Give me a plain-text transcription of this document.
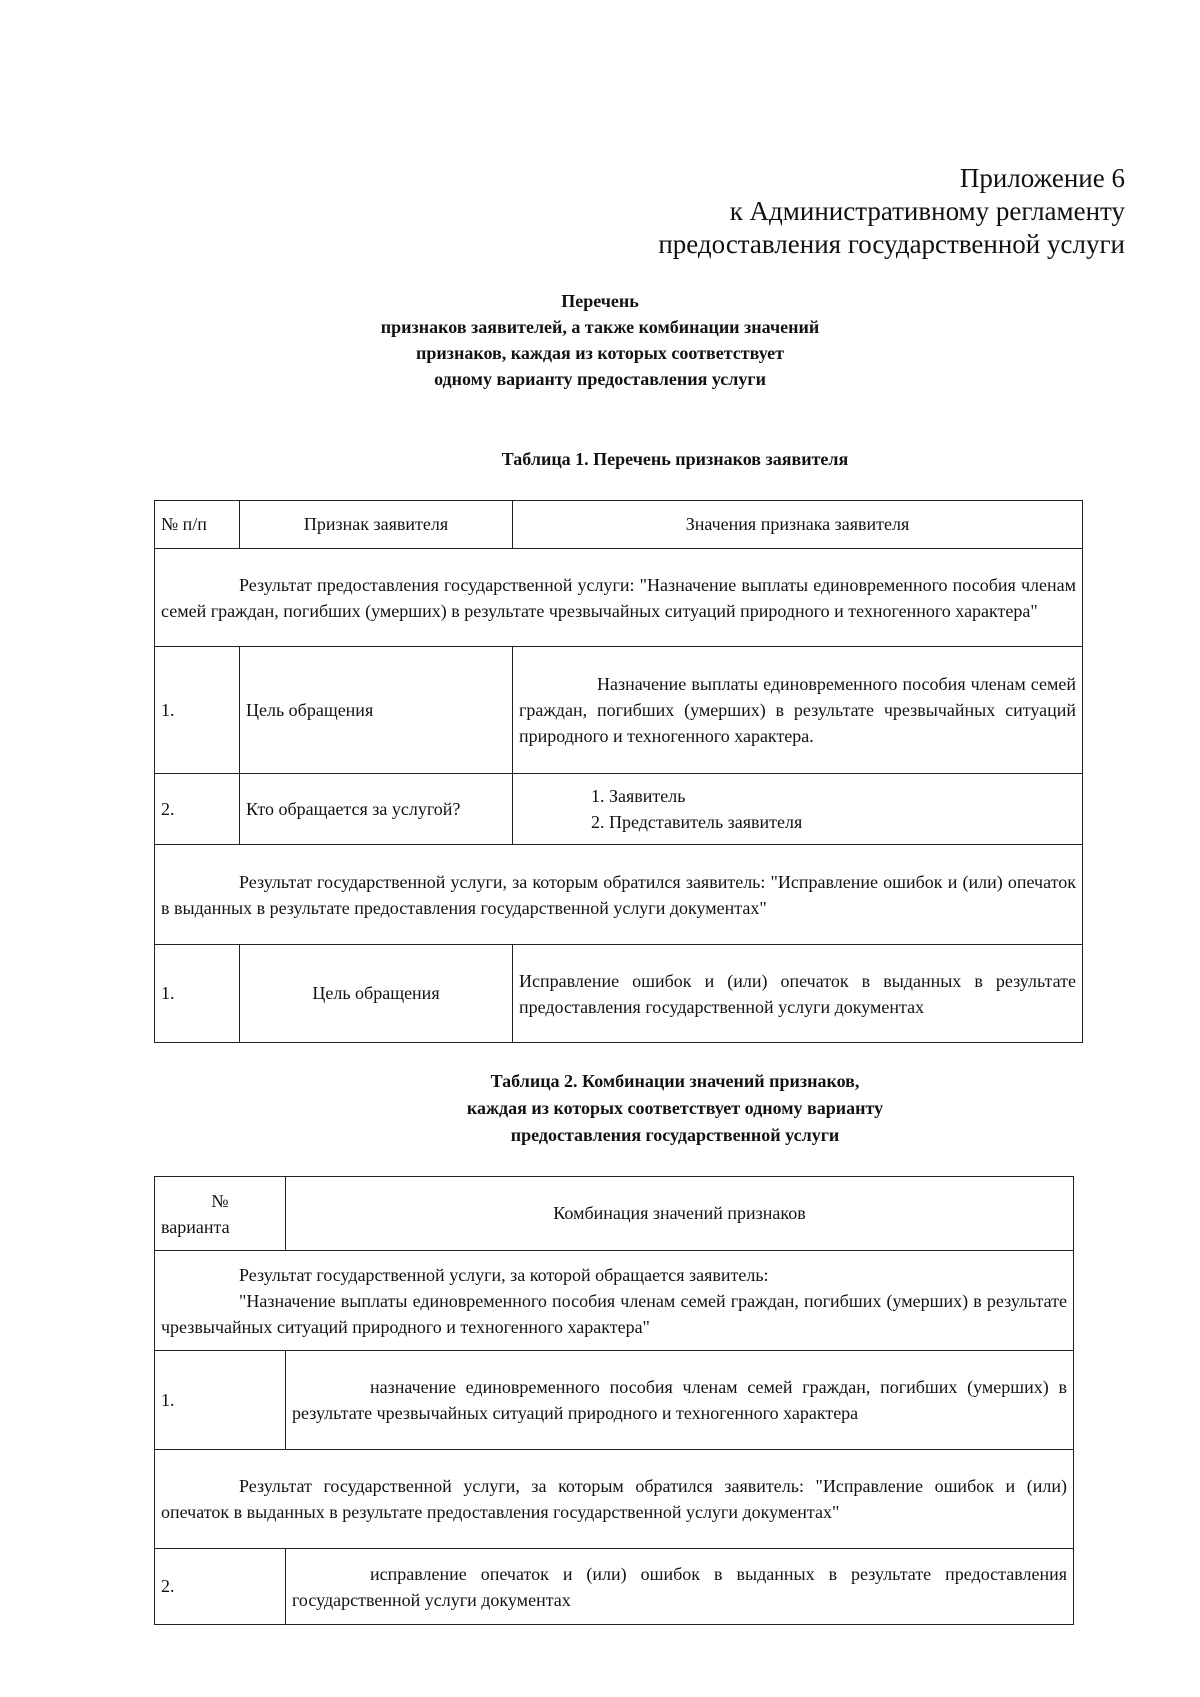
Приложение 6
к Административному регламенту
предоставления государственной услуги
Перечень
признаков заявителей, а также комбинации значений
признаков, каждая из которых соответствует
одному варианту предоставления услуги
Таблица 1. Перечень признаков заявителя
№ п/п	Признак заявителя	Значения признака заявителя
Результат предоставления государственной услуги: "Назначение выплаты единовременного пособия членам семей граждан, погибших (умерших) в результате чрезвычайных ситуаций природного и техногенного характера"		
1.	Цель обращения	Назначение выплаты единовременного пособия членам семей граждан, погибших (умерших) в результате чрезвычайных ситуаций природного и техногенного характера.
2.	Кто обращается за услугой?	1. Заявитель
2. Представитель заявителя

Результат государственной услуги, за которым обратился заявитель: "Исправление ошибок и (или) опечаток в выданных в результате предоставления государственной услуги документах"		
1.	Цель обращения	Исправление ошибок и (или) опечаток в выданных в результате предоставления государственной услуги документах
Таблица 2. Комбинации значений признаков,
каждая из которых соответствует одному варианту
предоставления государственной услуги
№
варианта	Комбинация значений признаков

Результат государственной услуги, за которой обращается заявитель:
"Назначение выплаты единовременного пособия членам семей граждан, погибших (умерших) в результате чрезвычайных ситуаций природного и техногенного характера"	

1.	назначение единовременного пособия членам семей граждан, погибших (умерших) в результате чрезвычайных ситуаций природного и техногенного характера
Результат государственной услуги, за которым обратился заявитель: "Исправление ошибок и (или) опечаток в выданных в результате предоставления государственной услуги документах"	
2.	исправление опечаток и (или) ошибок в выданных в результате предоставления государственной услуги документах
